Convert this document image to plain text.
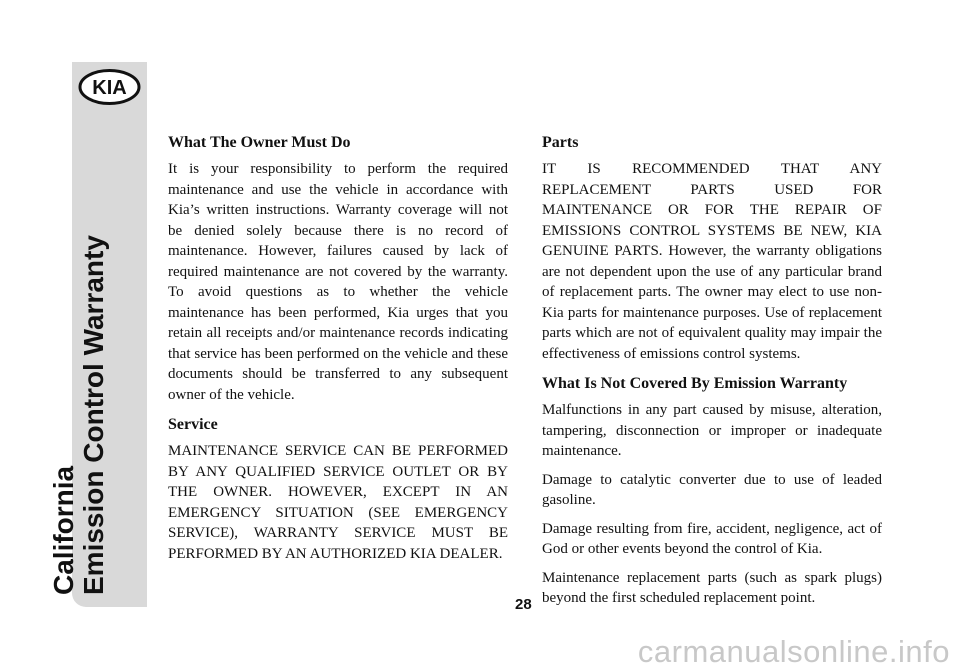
KIA
California Emission Control Warranty
What The Owner Must Do

It is your responsibility to perform the required maintenance and use the vehicle in accordance with Kia’s written instructions. Warranty coverage will not be denied solely because there is no record of maintenance. However, failures caused by lack of required maintenance are not covered by the warranty. To avoid questions as to whether the vehicle maintenance has been performed, Kia urges that you retain all receipts and/or maintenance records indicating that service has been performed on the vehicle and these documents should be transferred to any subsequent owner of the vehicle.

Service

MAINTENANCE SERVICE CAN BE PERFORMED BY ANY QUALIFIED SERVICE OUTLET OR BY THE OWNER. HOWEVER, EXCEPT IN AN EMERGENCY SITUATION (SEE EMERGENCY SERVICE), WARRANTY SERVICE MUST BE PERFORMED BY AN AUTHORIZED KIA DEALER.

Parts

IT IS RECOMMENDED THAT ANY REPLACEMENT PARTS USED FOR MAINTENANCE OR FOR THE REPAIR OF EMISSIONS CONTROL SYSTEMS BE NEW, KIA GENUINE PARTS. However, the warranty obligations are not dependent upon the use of any particular brand of replacement parts. The owner may elect to use non-Kia parts for maintenance purposes. Use of replacement parts which are not of equivalent quality may impair the effectiveness of emissions control systems.

What Is Not Covered By Emission Warranty

Malfunctions in any part caused by misuse, alteration, tampering, disconnection or improper or inadequate maintenance.

Damage to catalytic converter due to use of leaded gasoline.

Damage resulting from fire, accident, negligence, act of God or other events beyond the control of Kia.

Maintenance replacement parts (such as spark plugs) beyond the first scheduled replacement point.

28
carmanualsonline.info
